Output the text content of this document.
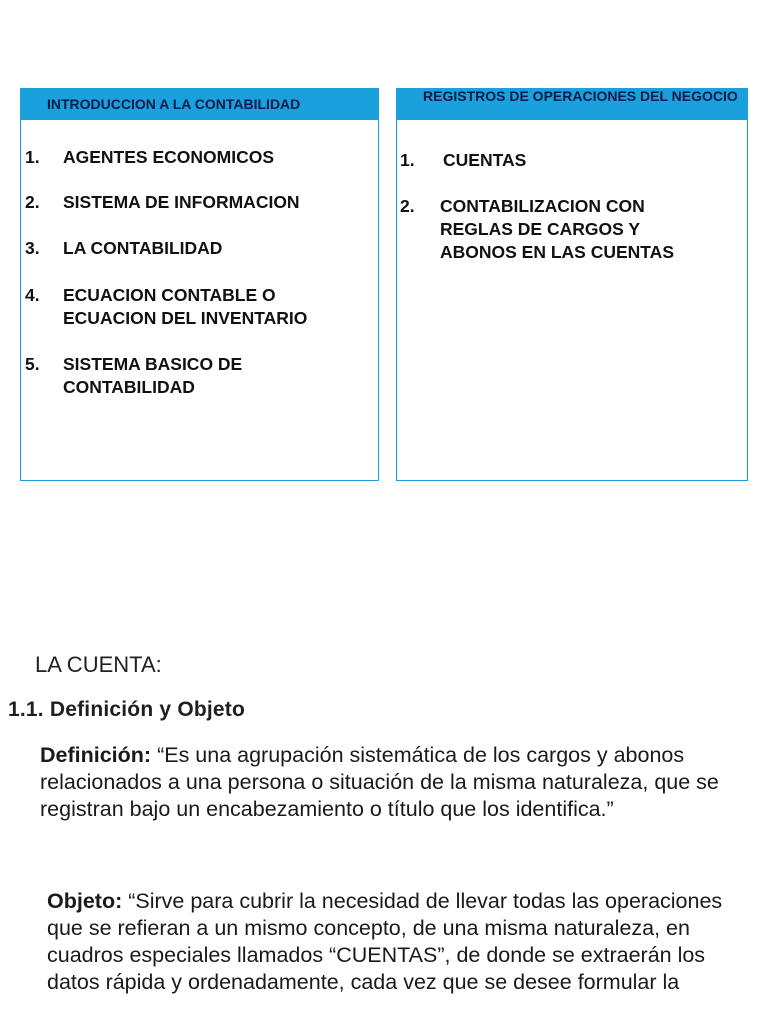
INTRODUCCION A LA CONTABILIDAD
1.	AGENTES ECONOMICOS
2.	SISTEMA DE INFORMACION
3.	LA CONTABILIDAD
4.	ECUACION CONTABLE O
ECUACION DEL INVENTARIO
5.	SISTEMA BASICO DE
CONTABILIDAD
REGISTROS DE OPERACIONES DEL NEGOCIO
1.	CUENTAS
2.	CONTABILIZACION CON
REGLAS DE CARGOS Y
ABONOS EN LAS CUENTAS
LA CUENTA:
1.1. Definición y Objeto
Definición: “Es una agrupación sistemática de los cargos y abonos relacionados a una persona o situación de la misma naturaleza, que se registran bajo un encabezamiento o título que los identifica.”
Objeto: “Sirve para cubrir la necesidad de llevar todas las operaciones que se refieran a un mismo concepto, de una misma naturaleza, en cuadros especiales llamados “CUENTAS”, de donde se extraerán los datos rápida y ordenadamente, cada vez que se desee formular la
